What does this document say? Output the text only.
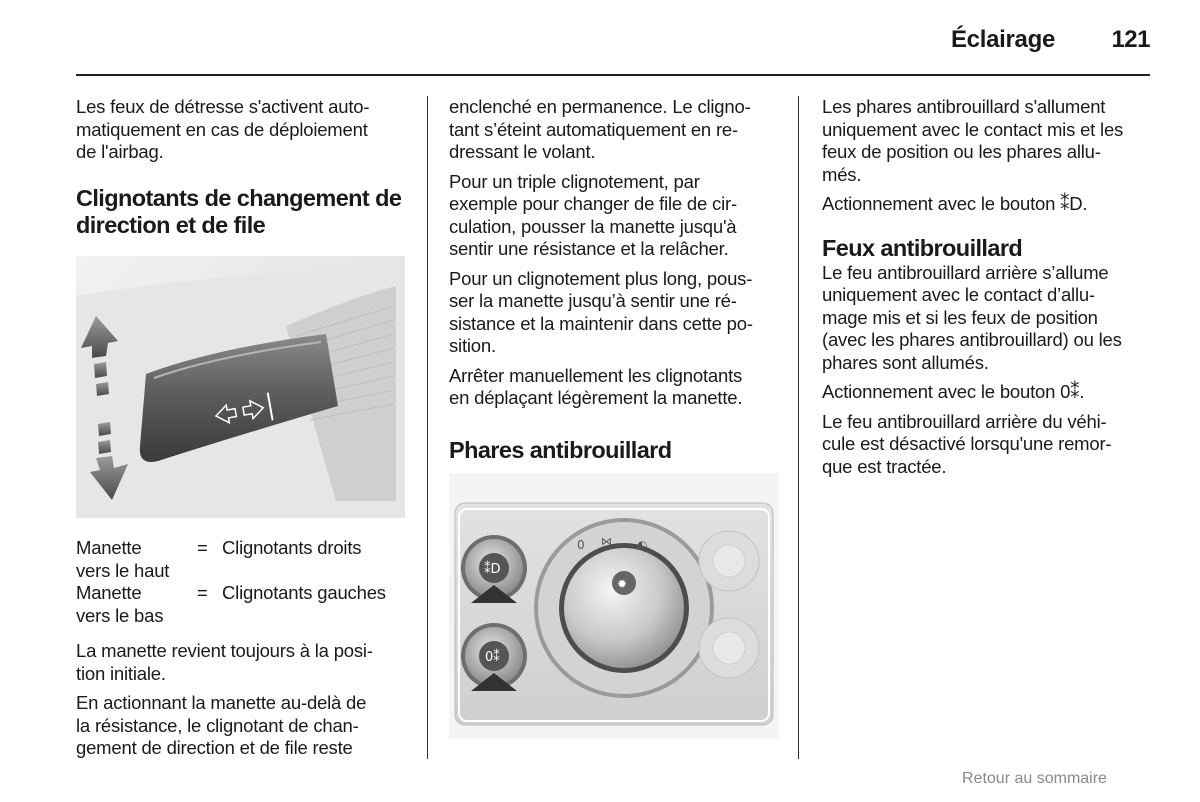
Éclairage	121

Les feux de détresse s'activent auto-
matiquement en cas de déploiement
de l'airbag.

Clignotants de changement de
direction et de file
Manette
vers le haut
= Clignotants droits
Manette
vers le bas
= Clignotants gauches

La manette revient toujours à la posi-
tion initiale.

En actionnant la manette au-delà de
la résistance, le clignotant de chan-
gement de direction et de file reste

enclenché en permanence. Le cligno-
tant s’éteint automatiquement en re-
dressant le volant.

Pour un triple clignotement, par
exemple pour changer de file de cir-
culation, pousser la manette jusqu'à
sentir une résistance et la relâcher.

Pour un clignotement plus long, pous-
ser la manette jusqu’à sentir une ré-
sistance et la maintenir dans cette po-
sition.

Arrêter manuellement les clignotants
en déplaçant légèrement la manette.

Phares antibrouillard
⁑D
0⁑
✹
0 ⋈ ◐

Les phares antibrouillard s'allument
uniquement avec le contact mis et les
feux de position ou les phares allu-
més.

Actionnement avec le bouton ⁑D.

Feux antibrouillard

Le feu antibrouillard arrière s’allume
uniquement avec le contact d’allu-
mage mis et si les feux de position
(avec les phares antibrouillard) ou les
phares sont allumés.

Actionnement avec le bouton 0⁑.

Le feu antibrouillard arrière du véhi-
cule est désactivé lorsqu'une remor-
que est tractée.

Retour au sommaire
